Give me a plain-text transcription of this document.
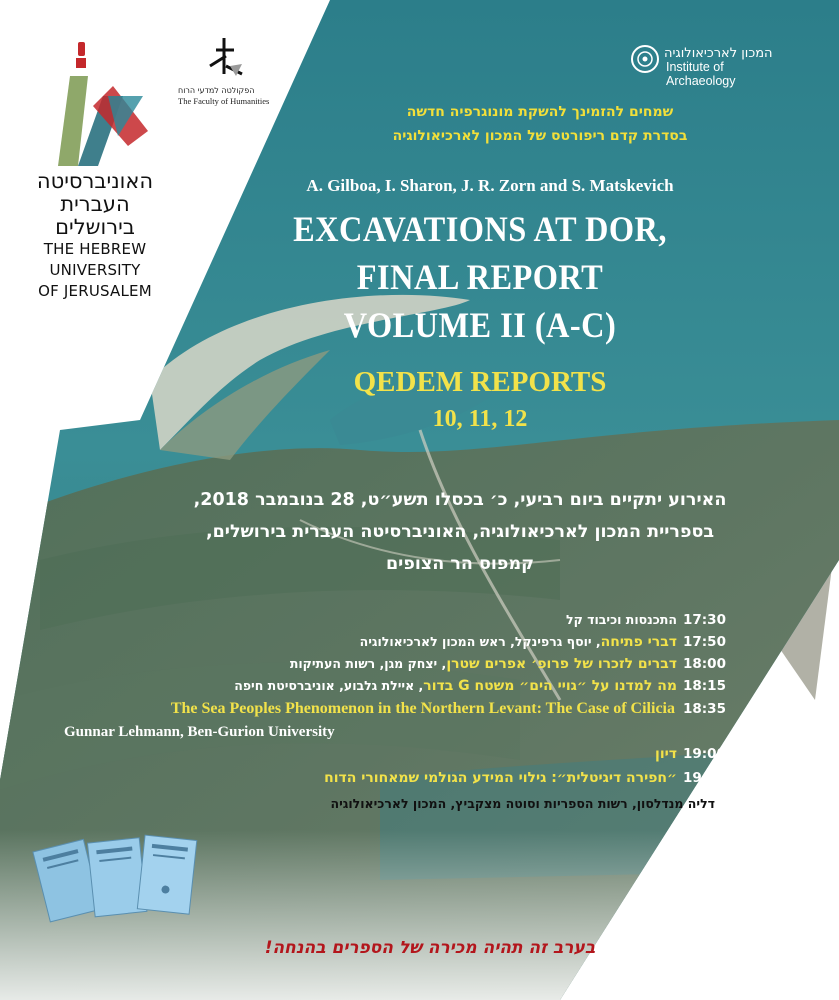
האוניברסיטה
העברית
בירושלים
THE HEBREW
UNIVERSITY
OF JERUSALEM
הפקולטה למדעי הרוח
The Faculty of Humanities
המכון לארכיאולוגיה
Institute of Archaeology
שמחים להזמינך להשקת מונוגרפיה חדשה
בסדרת קדם ריפורטס של המכון לארכיאולוגיה
A. Gilboa, I. Sharon, J. R. Zorn and S. Matskevich
EXCAVATIONS AT DOR,
FINAL REPORT
VOLUME II (A-C)
QEDEM REPORTS
10, 11, 12
האירוע יתקיים ביום רביעי, כ׳ בכסלו תשע״ט, 28 בנובמבר 2018,
בספריית המכון לארכיאולוגיה, האוניברסיטה העברית בירושלים,
קמפוס הר הצופים
17:30
התכנסות וכיבוד קל
17:50
דברי פתיחה, יוסף גרפינקל, ראש המכון לארכיאולוגיה
18:00
דברים לזכרו של פרופ׳ אפרים שטרן, יצחק מגן, רשות העתיקות
18:15
מה למדנו על ״גויי הים״ משטח G בדור, איילת גלבוע, אוניברסיטת חיפה
18:35
The Sea Peoples Phenomenon in the Northern Levant: The Case of Cilicia
Gunnar Lehmann, Ben-Gurion University
19:00
דיון
19:20
״חפירה דיגיטלית״: גילוי המידע הגולמי שמאחורי הדוח
דליה מנדלסון, רשות הספריות וסוטה מצקביץ, המכון לארכיאולוגיה
בערב זה תהיה מכירה של הספרים בהנחה!
